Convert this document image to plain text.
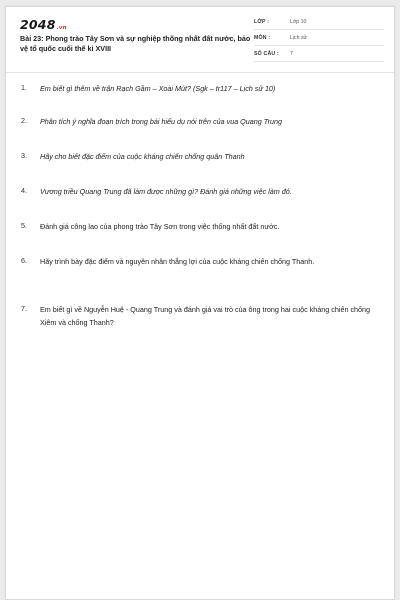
2048.vn
Bài 23: Phong trào Tây Sơn và sự nghiệp thống nhất đất nước, bảo vệ tổ quốc cuối thế kỉ XVIII
LỚP :	Lớp 10
MÔN :	Lịch sử
SỐ CÂU : 7
1. Em biết gì thêm về trận Rạch Gầm – Xoài Mút? (Sgk – tr117 – Lịch sử 10)
2. Phân tích ý nghĩa đoạn trích trong bài hiểu dụ nói trên của vua Quang Trung
3. Hãy cho biết đặc điểm của cuộc kháng chiến chống quân Thanh
4. Vương triều Quang Trung đã làm được những gì? Đánh giá những việc làm đó.
5. Đánh giá công lao của phong trào Tây Sơn trong việc thống nhất đất nước.
6. Hãy trình bày đặc điểm và nguyên nhân thắng lợi của cuộc kháng chiến chống Thanh.
7. Em biết gì về Nguyễn Huệ - Quang Trung và đánh giá vai trò của ông trong hai cuộc kháng chiến chống Xiêm và chống Thanh?
